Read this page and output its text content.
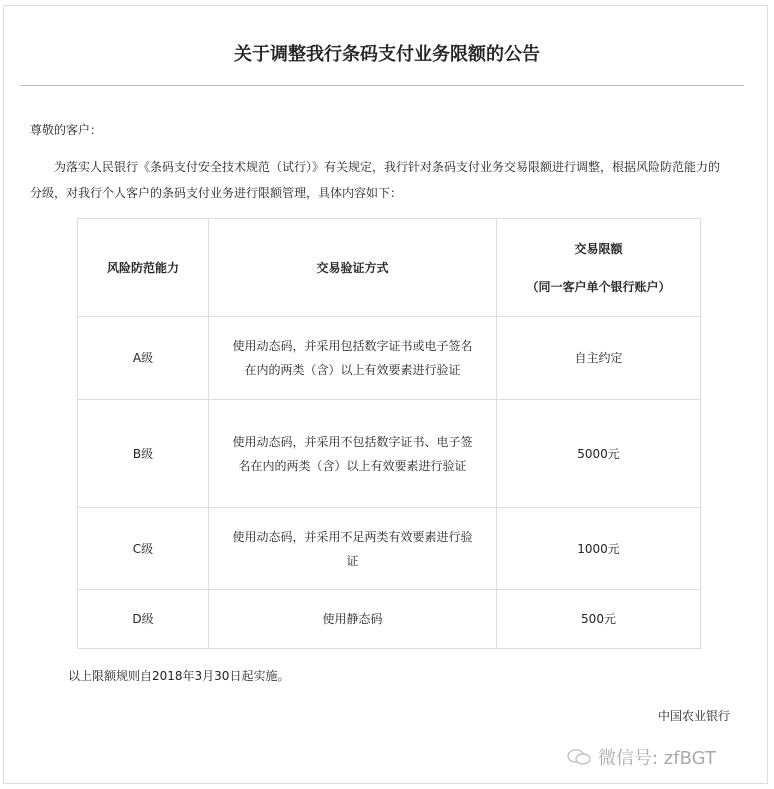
关于调整我行条码支付业务限额的公告
尊敬的客户：
为落实人民银行《条码支付安全技术规范（试行）》有关规定，我行针对条码支付业务交易限额进行调整，根据风险防范能力的分级，对我行个人客户的条码支付业务进行限额管理，具体内容如下：
风险防范能力	交易验证方式	交易限额
（同一客户单个银行账户）

A级	使用动态码，并采用包括数字证书或电子签名在内的两类（含）以上有效要素进行验证	自主约定
B级	使用动态码，并采用不包括数字证书、电子签名在内的两类（含）以上有效要素进行验证	5000元
C级	使用动态码，并采用不足两类有效要素进行验证	1000元
D级	使用静态码	500元
以上限额规则自2018年3月30日起实施。
中国农业银行
微信号: zfBGT
